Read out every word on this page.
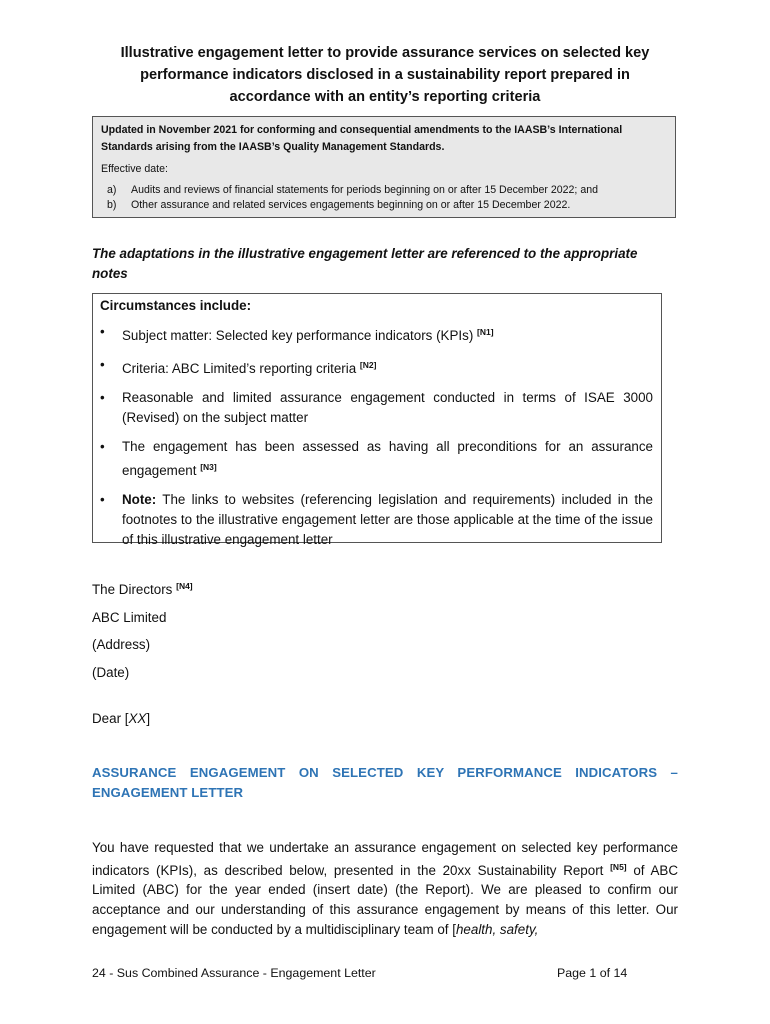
Illustrative engagement letter to provide assurance services on selected key
performance indicators disclosed in a sustainability report prepared in
accordance with an entity’s reporting criteria
Updated in November 2021 for conforming and consequential amendments to the IAASB’s International
Standards arising from the IAASB’s Quality Management Standards.
Effective date:
a)	Audits and reviews of financial statements for periods beginning on or after 15 December 2022; and
b)	Other assurance and related services engagements beginning on or after 15 December 2022.
The adaptations in the illustrative engagement letter are referenced to the appropriate
notes
Circumstances include:
•	Subject matter: Selected key performance indicators (KPIs) [N1]
•	Criteria: ABC Limited’s reporting criteria [N2]
•	Reasonable and limited assurance engagement conducted in terms of ISAE 3000 (Revised) on the subject matter
•	The engagement has been assessed as having all preconditions for an assurance engagement [N3]
•	Note: The links to websites (referencing legislation and requirements) included in the footnotes to the illustrative engagement letter are those applicable at the time of the issue of this illustrative engagement letter
The Directors [N4]
ABC Limited
(Address)
(Date)
Dear [XX]
ASSURANCE ENGAGEMENT ON SELECTED KEY PERFORMANCE INDICATORS – ENGAGEMENT LETTER
You have requested that we undertake an assurance engagement on selected key performance indicators (KPIs), as described below, presented in the 20xx Sustainability Report [N5] of ABC Limited (ABC) for the year ended (insert date) (the Report). We are pleased to confirm our acceptance and our understanding of this assurance engagement by means of this letter. Our engagement will be conducted by a multidisciplinary team of [health, safety,
24 - Sus Combined Assurance - Engagement Letter	Page 1 of 14
